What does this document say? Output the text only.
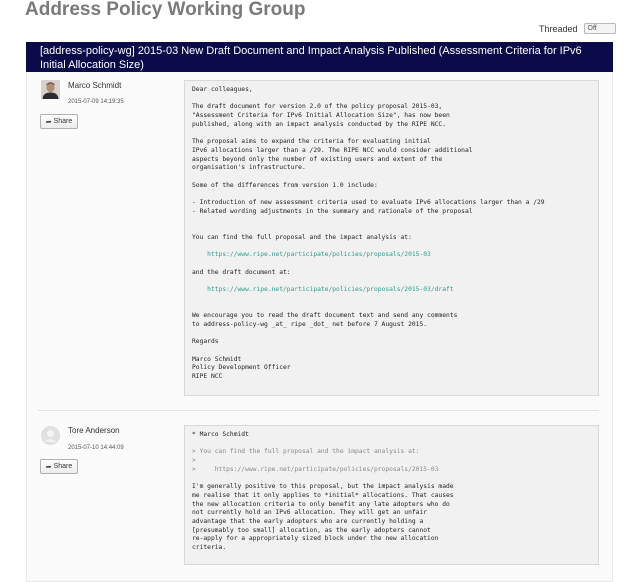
Address Policy Working Group
Threaded	Off
[address-policy-wg] 2015-03 New Draft Document and Impact Analysis Published (Assessment Criteria for IPv6 Initial Allocation Size)
Marco Schmidt
2015-07-09 14:19:35
➦ Share
Dear colleagues,
The draft document for version 2.0 of the policy proposal 2015-03,
"Assessment Criteria for IPv6 Initial Allocation Size", has now been
published, along with an impact analysis conducted by the RIPE NCC.
The proposal aims to expand the criteria for evaluating initial
IPv6 allocations larger than a /29. The RIPE NCC would consider additional
aspects beyond only the number of existing users and extent of the
organisation's infrastructure.
Some of the differences from version 1.0 include:
- Introduction of new assessment criteria used to evaluate IPv6 allocations larger than a /29
- Related wording adjustments in the summary and rationale of the proposal
You can find the full proposal and the impact analysis at:
https://www.ripe.net/participate/policies/proposals/2015-03
and the draft document at:
https://www.ripe.net/participate/policies/proposals/2015-03/draft
We encourage you to read the draft document text and send any comments
to address-policy-wg _at_ ripe _dot_ net before 7 August 2015.
Regards
Marco Schmidt
Policy Development Officer
RIPE NCC
Tore Anderson
2015-07-10 14:44:09
➦ Share
* Marco Schmidt
> You can find the full proposal and the impact analysis at:
>
>     https://www.ripe.net/participate/policies/proposals/2015-03
I'm generally positive to this proposal, but the impact analysis made
me realise that it only applies to *initial* allocations. That causes
the new allocation criteria to only benefit any late adopters who do
not currently hold an IPv6 allocation. They will get an unfair
advantage that the early adopters who are currently holding a
[presumably too small] allocation, as the early adopters cannot
re-apply for a appropriately sized block under the new allocation
criteria.
